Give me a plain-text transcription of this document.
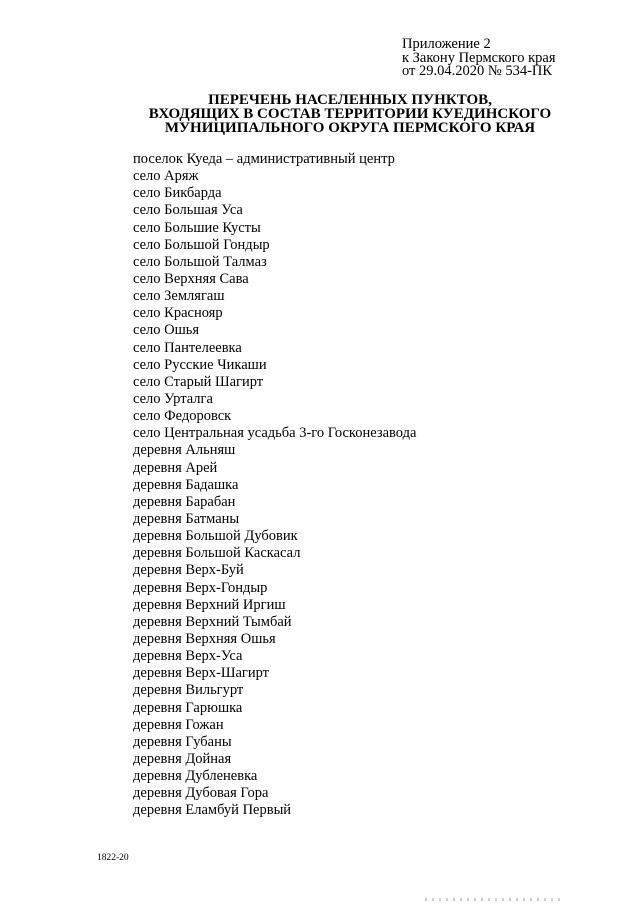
Приложение 2
к Закону Пермского края
от 29.04.2020 № 534-ПК
ПЕРЕЧЕНЬ НАСЕЛЕННЫХ ПУНКТОВ,
ВХОДЯЩИХ В СОСТАВ ТЕРРИТОРИИ КУЕДИНСКОГО
МУНИЦИПАЛЬНОГО ОКРУГА ПЕРМСКОГО КРАЯ
поселок Куеда – административный центр
село Аряж
село Бикбарда
село Большая Уса
село Большие Кусты
село Большой Гондыр
село Большой Талмаз
село Верхняя Сава
село Землягаш
село Краснояр
село Ошья
село Пантелеевка
село Русские Чикаши
село Старый Шагирт
село Урталга
село Федоровск
село Центральная усадьба 3-го Госконезавода
деревня Альняш
деревня Арей
деревня Бадашка
деревня Барабан
деревня Батманы
деревня Большой Дубовик
деревня Большой Каскасал
деревня Верх-Буй
деревня Верх-Гондыр
деревня Верхний Иргиш
деревня Верхний Тымбай
деревня Верхняя Ошья
деревня Верх-Уса
деревня Верх-Шагирт
деревня Вильгурт
деревня Гарюшка
деревня Гожан
деревня Губаны
деревня Дойная
деревня Дубленевка
деревня Дубовая Гора
деревня Еламбуй Первый
1822-20
